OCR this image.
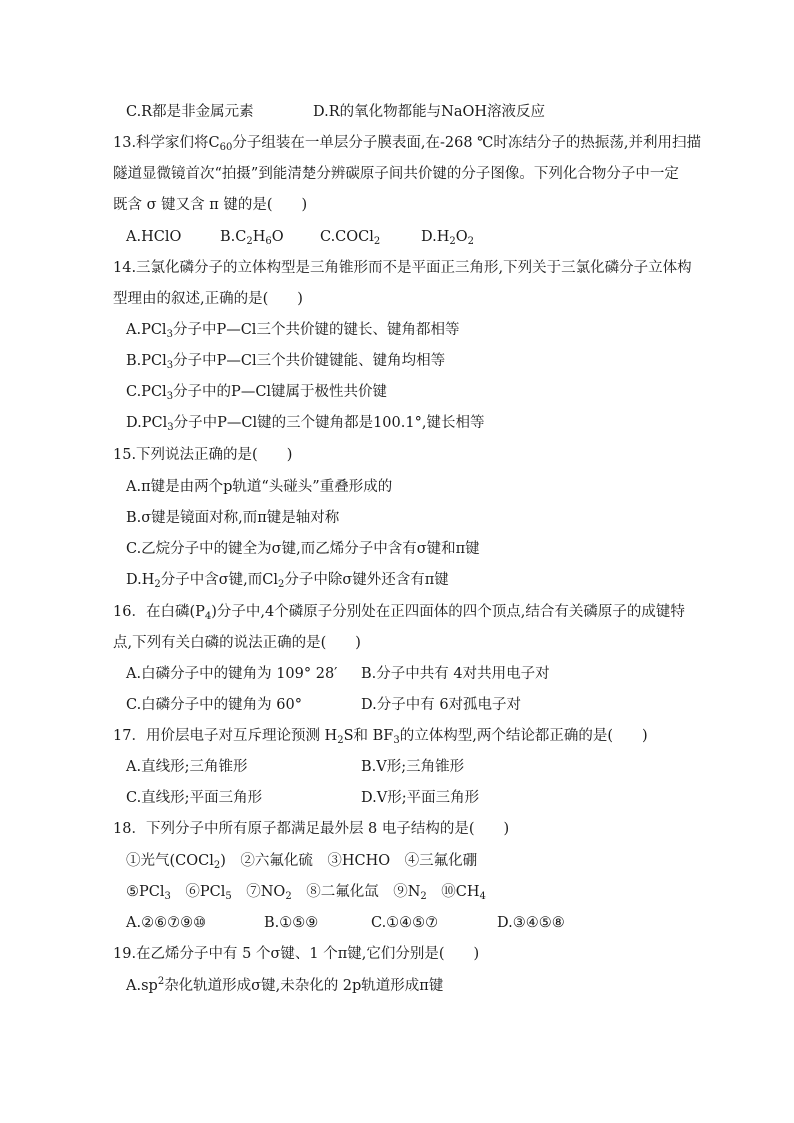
C.R都是非金属元素	D.R的氧化物都能与NaOH溶液反应
13.科学家们将$C_{60}$分子组装在一单层分子膜表面,在-268 ℃时冻结分子的热振荡,并利用扫描
隧道显微镜首次“拍摄”到能清楚分辨碳原子间共价键的分子图像。下列化合物分子中一定
既含 σ 键又含 π 键的是(　　)
A.HClO	$B.C_2H_6O$	C.COCl$_2$	$D.H_2O_2$
14.三氯化磷分子的立体构型是三角锥形而不是平面正三角形,下列关于三氯化磷分子立体构
型理由的叙述,正确的是(　　)
A.PCl$_3$分子中P—Cl三个共价键的键长、键角都相等
B.PCl$_3$分子中P—Cl三个共价键键能、键角均相等
C.PCl$_3$分子中的P—Cl键属于极性共价键
D.PCl$_3$分子中P—Cl键的三个键角都是100.1°,键长相等
15.下列说法正确的是(　　)
A.π键是由两个p轨道“头碰头”重叠形成的
B.σ键是镜面对称,而π键是轴对称
C.乙烷分子中的键全为σ键,而乙烯分子中含有σ键和π键
$D.H_2$分子中含σ键,而$Cl_2$分子中除σ键外还含有π键
16．在白磷$(P_4)$分子中,4个磷原子分别处在正四面体的四个顶点,结合有关磷原子的成键特
点,下列有关白磷的说法正确的是(　　)
A.白磷分子中的键角为 109° 28′ B.分子中共有 4对共用电子对
C.白磷分子中的键角为 60°	D.分子中有 6对孤电子对
17．用价层电子对互斥理论预测 $H_2S$和 $BF_3$的立体构型,两个结论都正确的是(　　)
A.直线形;三角锥形	B.V形;三角锥形
C.直线形;平面三角形	D.V形;平面三角形
18．下列分子中所有原子都满足最外层 8 电子结构的是(　　)
①光气(COCl$_2$)　②六氟化硫　③HCHO　④三氟化硼
⑤PCl$_3$　⑥PCl$_5$　$⑦NO_2$　⑧二氟化氙　$⑨N_2$　$⑩CH_4$
A.②⑥⑦⑨⑩	B.①⑤⑨	C.①④⑤⑦	D.③④⑤⑧
19.在乙烯分子中有 5 个σ键、1 个π键,它们分别是(　　)
$A.sp^2$杂化轨道形成σ键,未杂化的 2p轨道形成π键
